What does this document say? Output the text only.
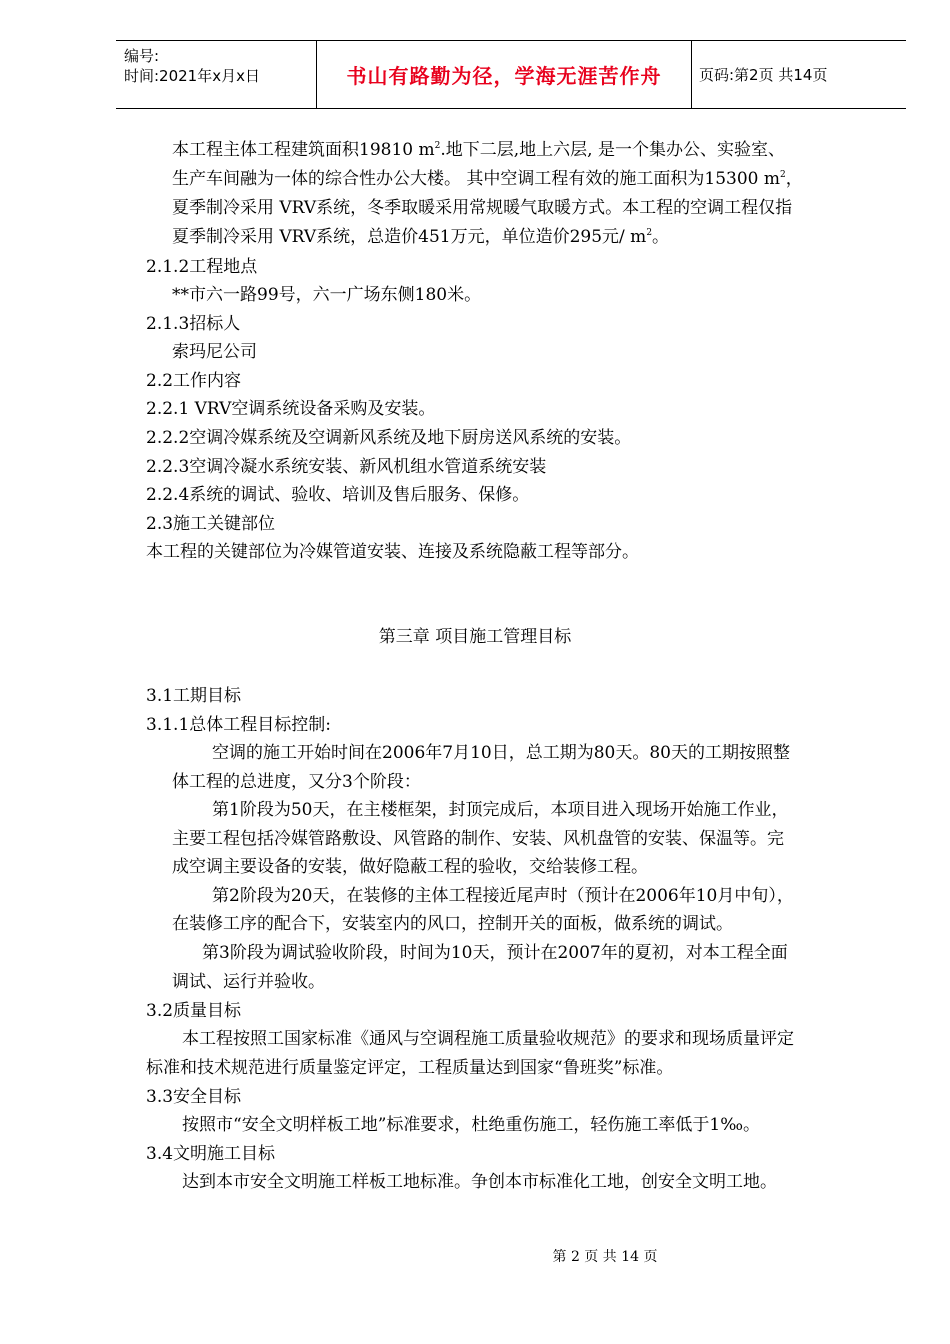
编号:
时间:2021年x月x日	书山有路勤为径，学海无涯苦作舟	页码:第2页 共14页
本工程主体工程建筑面积19810 $m^2$.地下二层,地上六层, 是一个集办公、实验室、
生产车间融为一体的综合性办公大楼。 其中空调工程有效的施工面积为15300 $m^2$，
夏季制冷采用 VRV系统，冬季取暖采用常规暖气取暖方式。本工程的空调工程仅指
夏季制冷采用 VRV系统，总造价451万元，单位造价295元/ $m^2$。
2.1.2工程地点
**市六一路99号，六一广场东侧180米。
2.1.3招标人
索玛尼公司
2.2工作内容
2.2.1 VRV空调系统设备采购及安装。
2.2.2空调冷媒系统及空调新风系统及地下厨房送风系统的安装。
2.2.3空调冷凝水系统安装、新风机组水管道系统安装
2.2.4系统的调试、验收、培训及售后服务、保修。
2.3施工关键部位
本工程的关键部位为冷媒管道安装、连接及系统隐蔽工程等部分。
第三章 项目施工管理目标
3.1工期目标
3.1.1总体工程目标控制:
空调的施工开始时间在2006年7月10日，总工期为80天。80天的工期按照整
体工程的总进度，又分3个阶段：
第1阶段为50天，在主楼框架，封顶完成后，本项目进入现场开始施工作业，
主要工程包括冷媒管路敷设、风管路的制作、安装、风机盘管的安装、保温等。完
成空调主要设备的安装，做好隐蔽工程的验收，交给装修工程。
第2阶段为20天，在装修的主体工程接近尾声时（预计在2006年10月中旬），
在装修工序的配合下，安装室内的风口，控制开关的面板，做系统的调试。
第3阶段为调试验收阶段，时间为10天，预计在2007年的夏初，对本工程全面
调试、运行并验收。
3.2质量目标
本工程按照工国家标准《通风与空调程施工质量验收规范》的要求和现场质量评定
标准和技术规范进行质量鉴定评定，工程质量达到国家“鲁班奖”标准。
3.3安全目标
按照市“安全文明样板工地”标准要求，杜绝重伤施工，轻伤施工率低于1‰。
3.4文明施工目标
达到本市安全文明施工样板工地标准。争创本市标准化工地，创安全文明工地。
第 2 页 共 14 页
